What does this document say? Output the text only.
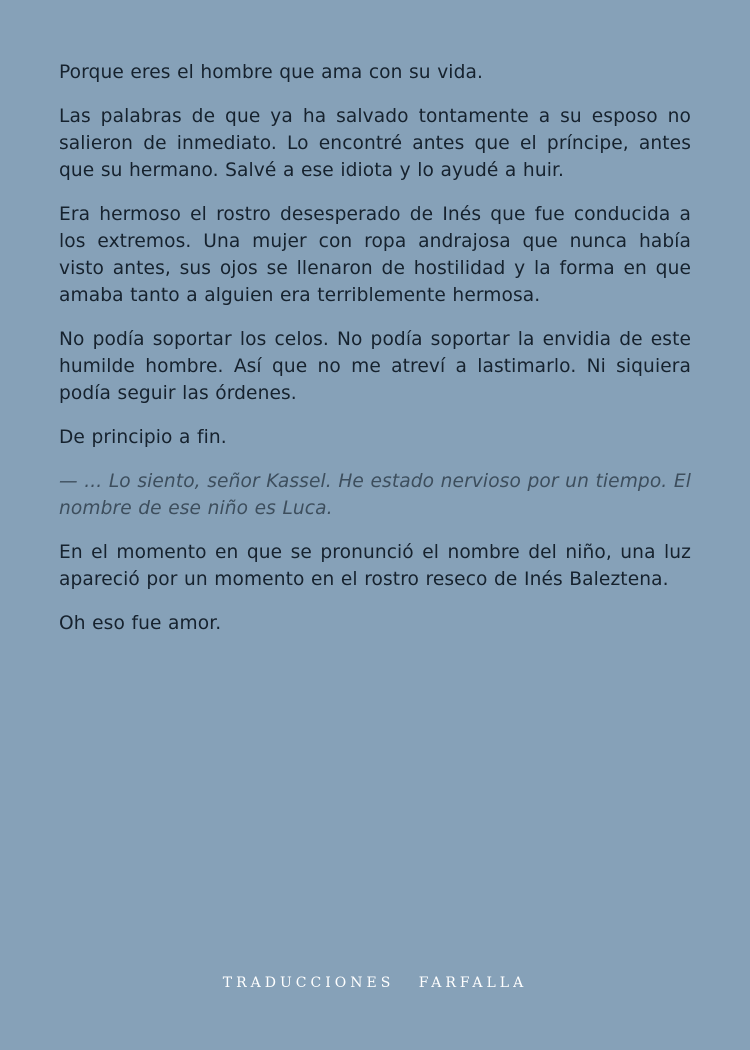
Porque eres el hombre que ama con su vida.

Las palabras de que ya ha salvado tontamente a su esposo no salieron de inmediato. Lo encontré antes que el príncipe, antes que su hermano. Salvé a ese idiota y lo ayudé a huir.

Era hermoso el rostro desesperado de Inés que fue conducida a los extremos. Una mujer con ropa andrajosa que nunca había visto antes, sus ojos se llenaron de hostilidad y la forma en que amaba tanto a alguien era terriblemente hermosa.

No podía soportar los celos. No podía soportar la envidia de este humilde hombre. Así que no me atreví a lastimarlo. Ni siquiera podía seguir las órdenes.

De principio a fin.

— ... Lo siento, señor Kassel. He estado nervioso por un tiempo. El nombre de ese niño es Luca.

En el momento en que se pronunció el nombre del niño, una luz apareció por un momento en el rostro reseco de Inés Baleztena.

Oh eso fue amor.

TRADUCCIONES FARFALLA
